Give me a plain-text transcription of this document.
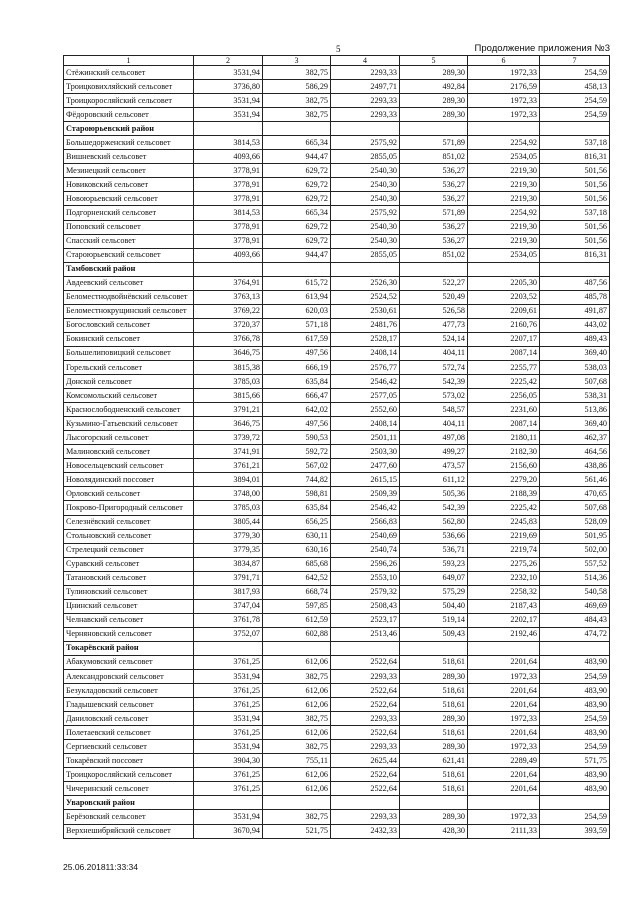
5	Продолжение приложения №3
1	2	3	4	5	6	7
Стёжинский сельсовет	3531,94	382,75	2293,33	289,30	1972,33	254,59
Троицковихляйский сельсовет	3736,80	586,29	2497,71	492,84	2176,59	458,13
Троицкоросляйский сельсовет	3531,94	382,75	2293,33	289,30	1972,33	254,59
Фёдоровский сельсовет	3531,94	382,75	2293,33	289,30	1972,33	254,59
Староюрьевский район						
Большедорженский сельсовет	3814,53	665,34	2575,92	571,89	2254,92	537,18
Вишневский сельсовет	4093,66	944,47	2855,05	851,02	2534,05	816,31
Мезинецкий сельсовет	3778,91	629,72	2540,30	536,27	2219,30	501,56
Новиковский сельсовет	3778,91	629,72	2540,30	536,27	2219,30	501,56
Новоюрьевский сельсовет	3778,91	629,72	2540,30	536,27	2219,30	501,56
Подгорненский сельсовет	3814,53	665,34	2575,92	571,89	2254,92	537,18
Поповский сельсовет	3778,91	629,72	2540,30	536,27	2219,30	501,56
Спасский сельсовет	3778,91	629,72	2540,30	536,27	2219,30	501,56
Староюрьевский сельсовет	4093,66	944,47	2855,05	851,02	2534,05	816,31
Тамбовский район						
Авдеевский сельсовет	3764,91	615,72	2526,30	522,27	2205,30	487,56
Беломестнодвойнёвский сельсовет	3763,13	613,94	2524,52	520,49	2203,52	485,78
Беломестнокрущинский сельсовет	3769,22	620,03	2530,61	526,58	2209,61	491,87
Богословский сельсовет	3720,37	571,18	2481,76	477,73	2160,76	443,02
Бокинский сельсовет	3766,78	617,59	2528,17	524,14	2207,17	489,43
Большелиповицкий сельсовет	3646,75	497,56	2408,14	404,11	2087,14	369,40
Горельский сельсовет	3815,38	666,19	2576,77	572,74	2255,77	538,03
Донской сельсовет	3785,03	635,84	2546,42	542,39	2225,42	507,68
Комсомольский сельсовет	3815,66	666,47	2577,05	573,02	2256,05	538,31
Краснослободненский сельсовет	3791,21	642,02	2552,60	548,57	2231,60	513,86
Кузьмино-Гатьевский сельсовет	3646,75	497,56	2408,14	404,11	2087,14	369,40
Лысогорский сельсовет	3739,72	590,53	2501,11	497,08	2180,11	462,37
Малиновский сельсовет	3741,91	592,72	2503,30	499,27	2182,30	464,56
Новосельцевский сельсовет	3761,21	567,02	2477,60	473,57	2156,60	438,86
Новолядинский поссовет	3894,01	744,82	2615,15	611,12	2279,20	561,46
Орловский сельсовет	3748,00	598,81	2509,39	505,36	2188,39	470,65
Покрово-Пригородный сельсовет	3785,03	635,84	2546,42	542,39	2225,42	507,68
Селезнёвский сельсовет	3805,44	656,25	2566,83	562,80	2245,83	528,09
Стольновский сельсовет	3779,30	630,11	2540,69	536,66	2219,69	501,95
Стрелецкий сельсовет	3779,35	630,16	2540,74	536,71	2219,74	502,00
Суравский сельсовет	3834,87	685,68	2596,26	593,23	2275,26	557,52
Татановский сельсовет	3791,71	642,52	2553,10	649,07	2232,10	514,36
Тулиновский сельсовет	3817,93	668,74	2579,32	575,29	2258,32	540,58
Цнинский сельсовет	3747,04	597,85	2508,43	504,40	2187,43	469,69
Челнавский сельсовет	3761,78	612,59	2523,17	519,14	2202,17	484,43
Черняновский сельсовет	3752,07	602,88	2513,46	509,43	2192,46	474,72
Токарёвский район						
Абакумовский сельсовет	3761,25	612,06	2522,64	518,61	2201,64	483,90
Александровский сельсовет	3531,94	382,75	2293,33	289,30	1972,33	254,59
Безукладовский сельсовет	3761,25	612,06	2522,64	518,61	2201,64	483,90
Гладышевский сельсовет	3761,25	612,06	2522,64	518,61	2201,64	483,90
Даниловский сельсовет	3531,94	382,75	2293,33	289,30	1972,33	254,59
Полетаевский сельсовет	3761,25	612,06	2522,64	518,61	2201,64	483,90
Сергиевский сельсовет	3531,94	382,75	2293,33	289,30	1972,33	254,59
Токарёвский поссовет	3904,30	755,11	2625,44	621,41	2289,49	571,75
Троицкоросляйский сельсовет	3761,25	612,06	2522,64	518,61	2201,64	483,90
Чичеринский сельсовет	3761,25	612,06	2522,64	518,61	2201,64	483,90
Уваровский район						
Берёзовский сельсовет	3531,94	382,75	2293,33	289,30	1972,33	254,59
Верхнешибряйский сельсовет	3670,94	521,75	2432,33	428,30	2111,33	393,59
25.06.201811:33:34
